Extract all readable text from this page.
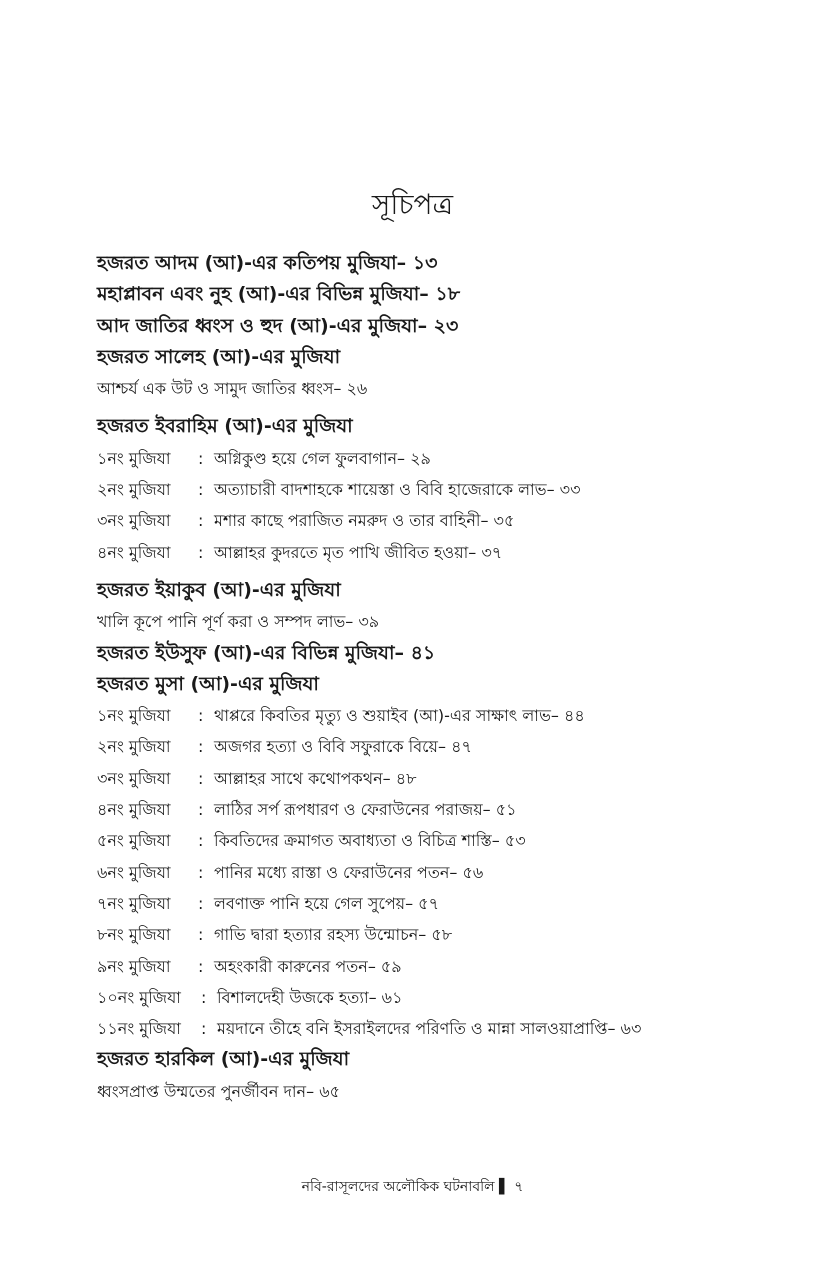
সূচিপত্র
হজরত আদম (আ)-এর কতিপয় মুজিযা– ১৩
মহাপ্লাবন এবং নুহ (আ)-এর বিভিন্ন মুজিযা– ১৮
আদ জাতির ধ্বংস ও হুদ (আ)-এর মুজিযা– ২৩
হজরত সালেহ (আ)-এর মুজিযা
আশ্চর্য এক উট ও সামুদ জাতির ধ্বংস– ২৬
হজরত ইবরাহিম (আ)-এর মুজিযা
১নং মুজিযা	: অগ্নিকুণ্ড হয়ে গেল ফুলবাগান– ২৯
২নং মুজিযা	: অত্যাচারী বাদশাহকে শায়েস্তা ও বিবি হাজেরাকে লাভ– ৩৩
৩নং মুজিযা	: মশার কাছে পরাজিত নমরুদ ও তার বাহিনী– ৩৫
৪নং মুজিযা	: আল্লাহর কুদরতে মৃত পাখি জীবিত হওয়া– ৩৭
হজরত ইয়াকুব (আ)-এর মুজিযা
খালি কূপে পানি পূর্ণ করা ও সম্পদ লাভ– ৩৯
হজরত ইউসুফ (আ)-এর বিভিন্ন মুজিযা– ৪১
হজরত মুসা (আ)-এর মুজিযা
১নং মুজিযা	: থাপ্পরে কিবতির মৃত্যু ও শুয়াইব (আ)-এর সাক্ষাৎ লাভ– ৪৪
২নং মুজিযা	: অজগর হত্যা ও বিবি সফুরাকে বিয়ে– ৪৭
৩নং মুজিযা	: আল্লাহর সাথে কথোপকথন– ৪৮
৪নং মুজিযা	: লাঠির সর্প রূপধারণ ও ফেরাউনের পরাজয়– ৫১
৫নং মুজিযা	: কিবতিদের ক্রমাগত অবাধ্যতা ও বিচিত্র শাস্তি– ৫৩
৬নং মুজিযা	: পানির মধ্যে রাস্তা ও ফেরাউনের পতন– ৫৬
৭নং মুজিযা	: লবণাক্ত পানি হয়ে গেল সুপেয়– ৫৭
৮নং মুজিযা	: গাভি দ্বারা হত্যার রহস্য উন্মোচন– ৫৮
৯নং মুজিযা	: অহংকারী কারুনের পতন– ৫৯
১০নং মুজিযা	: বিশালদেহী উজকে হত্যা– ৬১
১১নং মুজিযা	: ময়দানে তীহে বনি ইসরাইলদের পরিণতি ও মান্না সালওয়াপ্রাপ্তি– ৬৩
হজরত হারকিল (আ)-এর মুজিযা
ধ্বংসপ্রাপ্ত উম্মতের পুনর্জীবন দান– ৬৫
নবি-রাসূলদের অলৌকিক ঘটনাবলি ▌ ৭
